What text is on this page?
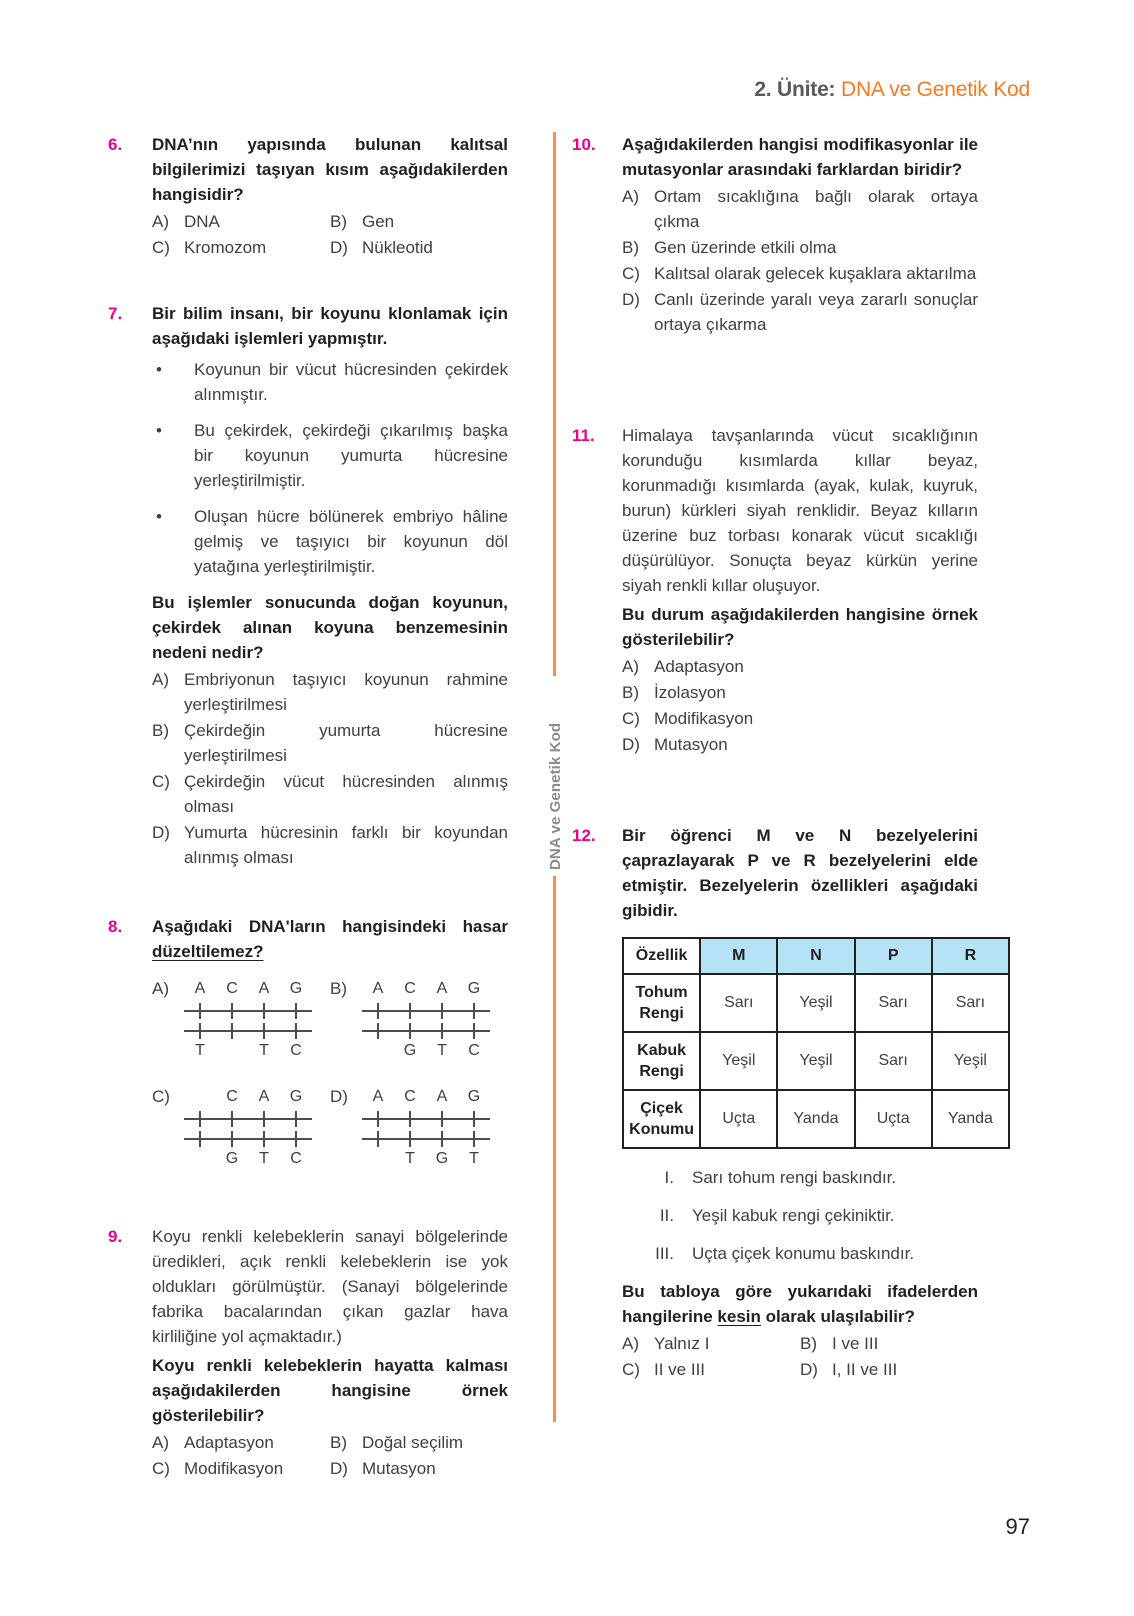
2. Ünite: DNA ve Genetik Kod
DNA ve Genetik Kod
6.	DNA’nın yapısında bulunan kalıtsal bilgilerimizi taşıyan kısım aşağıdakilerden hangisidir?
A) DNA	B) Gen
C) Kromozom	D) Nükleotid
7.	Bir bilim insanı, bir koyunu klonlamak için aşağıdaki işlemleri yapmıştır.
• Koyunun bir vücut hücresinden çekirdek alınmıştır.
• Bu çekirdek, çekirdeği çıkarılmış başka bir koyunun yumurta hücresine yerleştirilmiştir.
• Oluşan hücre bölünerek embriyo hâline gelmiş ve taşıyıcı bir koyunun döl yatağına yerleştirilmiştir.
Bu işlemler sonucunda doğan koyunun, çekirdek alınan koyuna benzemesinin nedeni nedir?
A) Embriyonun taşıyıcı koyunun rahmine yerleştirilmesi
B) Çekirdeğin yumurta hücresine yerleştirilmesi
C) Çekirdeğin vücut hücresinden alınmış olması
D) Yumurta hücresinin farklı bir koyundan alınmış olması
8.	Aşağıdaki DNA'ların hangisindeki hasar düzeltilemez?
A)	A	C	A	G
T	T	C
B)	A	C	A	G
G	T	C
C)	C	A	G
G	T	C
D)	A	C	A	G
T	G	T
9.	Koyu renkli kelebeklerin sanayi bölgelerinde üredikleri, açık renkli kelebeklerin ise yok oldukları görülmüştür. (Sanayi bölgelerinde fabrika bacalarından çıkan gazlar hava kirliliğine yol açmaktadır.)
Koyu renkli kelebeklerin hayatta kalması aşağıdakilerden hangisine örnek gösterilebilir?
A) Adaptasyon	B) Doğal seçilim
C) Modifikasyon	D) Mutasyon
10.	Aşağıdakilerden hangisi modifikasyonlar ile mutasyonlar arasındaki farklardan biridir?
A) Ortam sıcaklığına bağlı olarak ortaya çıkma
B) Gen üzerinde etkili olma
C) Kalıtsal olarak gelecek kuşaklara aktarılma
D) Canlı üzerinde yaralı veya zararlı sonuçlar ortaya çıkarma
11.	Himalaya tavşanlarında vücut sıcaklığının korunduğu kısımlarda kıllar beyaz, korunmadığı kısımlarda (ayak, kulak, kuyruk, burun) kürkleri siyah renklidir. Beyaz kılların üzerine buz torbası konarak vücut sıcaklığı düşürülüyor. Sonuçta beyaz kürkün yerine siyah renkli kıllar oluşuyor.
Bu durum aşağıdakilerden hangisine örnek gösterilebilir?
A) Adaptasyon
B) İzolasyon
C) Modifikasyon
D) Mutasyon
12.	Bir öğrenci M ve N bezelyelerini çaprazlayarak P ve R bezelyelerini elde etmiştir. Bezelyelerin özellikleri aşağıdaki gibidir.
Özellik	M	N	P	R
Tohum Rengi	Sarı	Yeşil	Sarı	Sarı
Kabuk Rengi	Yeşil	Yeşil	Sarı	Yeşil
Çiçek Konumu	Uçta	Yanda	Uçta	Yanda
I. Sarı tohum rengi baskındır.
II. Yeşil kabuk rengi çekiniktir.
III. Uçta çiçek konumu baskındır.
Bu tabloya göre yukarıdaki ifadelerden hangilerine kesin olarak ulaşılabilir?
A) Yalnız I	B) I ve III
C) II ve III	D) I, II ve III
97
